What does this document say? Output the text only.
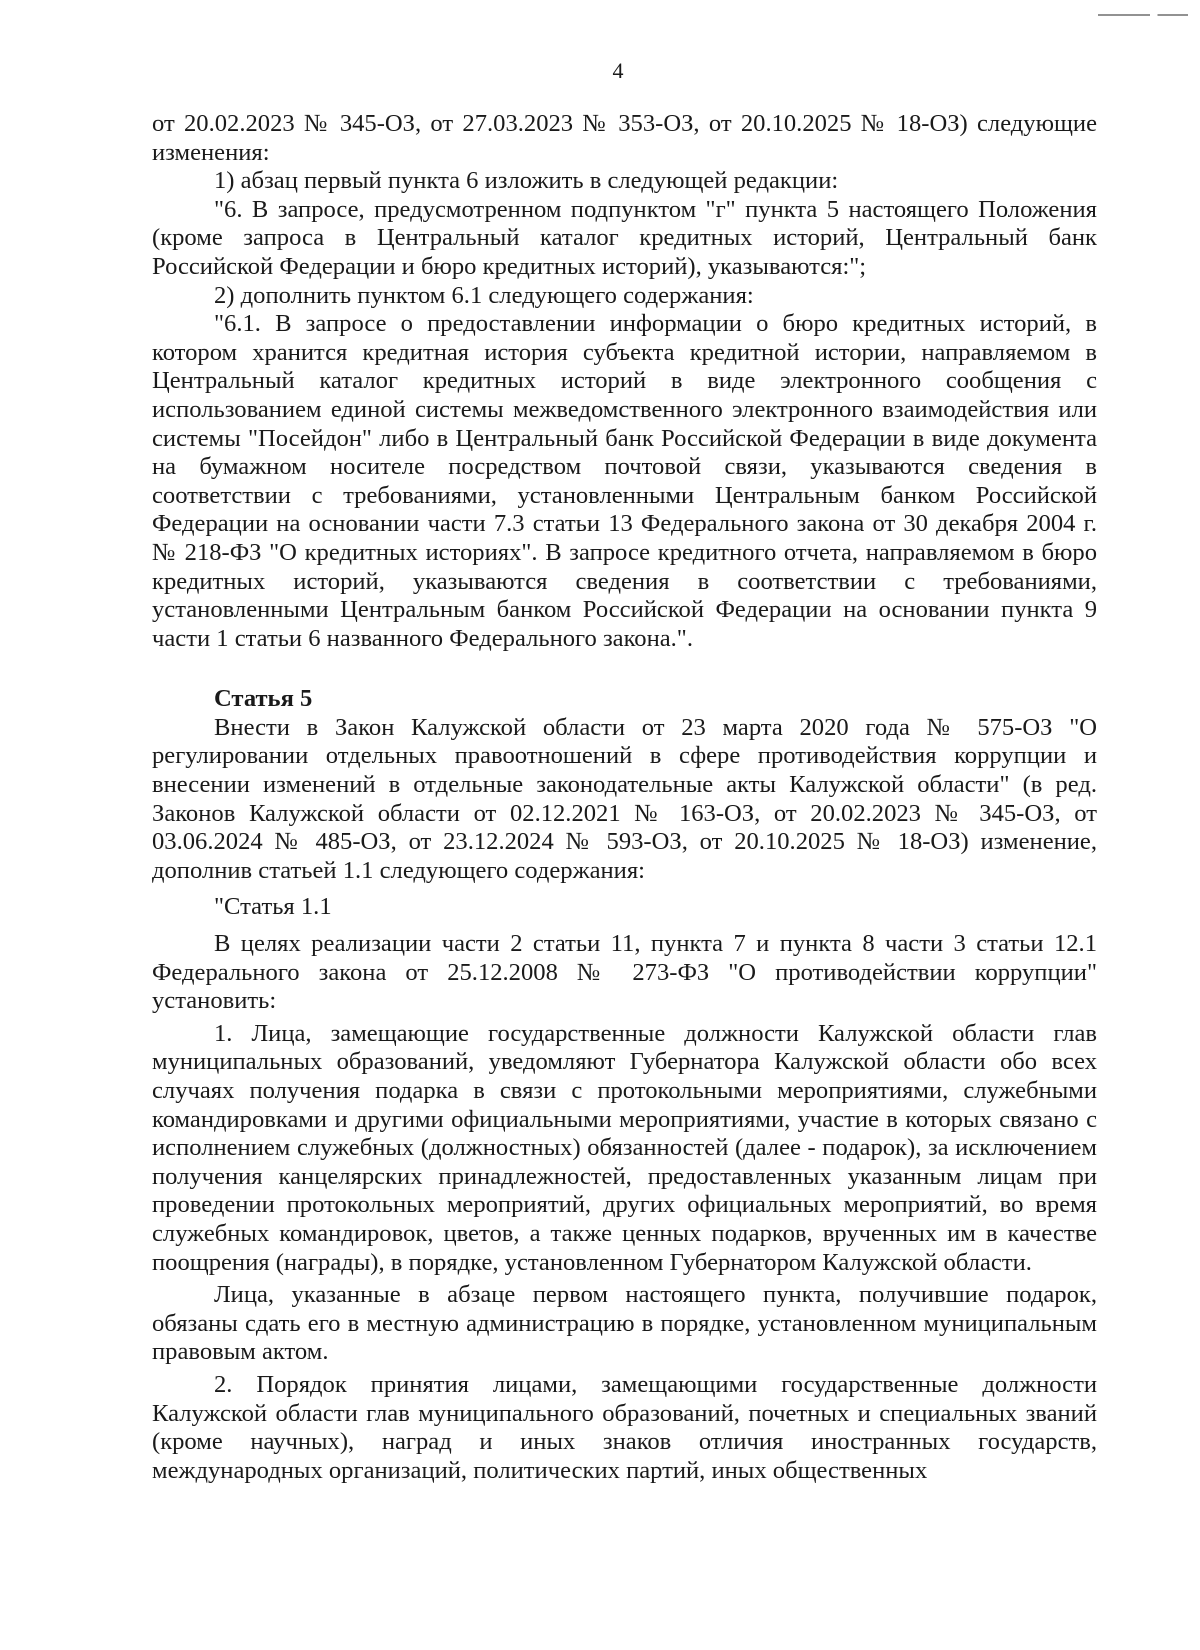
4

от 20.02.2023 № 345-ОЗ, от 27.03.2023 № 353-ОЗ, от 20.10.2025 № 18-ОЗ) следующие изменения:

1) абзац первый пункта 6 изложить в следующей редакции:

"6. В запросе, предусмотренном подпунктом "г" пункта 5 настоящего Положения (кроме запроса в Центральный каталог кредитных историй, Центральный банк Российской Федерации и бюро кредитных историй), указываются:";

2) дополнить пунктом 6.1 следующего содержания:

"6.1. В запросе о предоставлении информации о бюро кредитных историй, в котором хранится кредитная история субъекта кредитной истории, направляемом в Центральный каталог кредитных историй в виде электронного сообщения с использованием единой системы межведомственного электронного взаимодействия или системы "Посейдон" либо в Центральный банк Российской Федерации в виде документа на бумажном носителе посредством почтовой связи, указываются сведения в соответствии с требованиями, установленными Центральным банком Российской Федерации на основании части 7.3 статьи 13 Федерального закона от 30 декабря 2004 г. № 218-ФЗ "О кредитных историях". В запросе кредитного отчета, направляемом в бюро кредитных историй, указываются сведения в соответствии с требованиями, установленными Центральным банком Российской Федерации на основании пункта 9 части 1 статьи 6 названного Федерального закона.".

Статья 5

Внести в Закон Калужской области от 23 марта 2020 года № 575-ОЗ "О регулировании отдельных правоотношений в сфере противодействия коррупции и внесении изменений в отдельные законодательные акты Калужской области" (в ред. Законов Калужской области от 02.12.2021 № 163-ОЗ, от 20.02.2023 № 345-ОЗ, от 03.06.2024 № 485-ОЗ, от 23.12.2024 № 593-ОЗ, от 20.10.2025 № 18-ОЗ) изменение, дополнив статьей 1.1 следующего содержания:

"Статья 1.1

В целях реализации части 2 статьи 11, пункта 7 и пункта 8 части 3 статьи 12.1 Федерального закона от 25.12.2008 № 273-ФЗ "О противодействии коррупции" установить:

1. Лица, замещающие государственные должности Калужской области глав муниципальных образований, уведомляют Губернатора Калужской области обо всех случаях получения подарка в связи с протокольными мероприятиями, служебными командировками и другими официальными мероприятиями, участие в которых связано с исполнением служебных (должностных) обязанностей (далее - подарок), за исключением получения канцелярских принадлежностей, предоставленных указанным лицам при проведении протокольных мероприятий, других официальных мероприятий, во время служебных командировок, цветов, а также ценных подарков, врученных им в качестве поощрения (награды), в порядке, установленном Губернатором Калужской области.

Лица, указанные в абзаце первом настоящего пункта, получившие подарок, обязаны сдать его в местную администрацию в порядке, установленном муниципальным правовым актом.

2. Порядок принятия лицами, замещающими государственные должности Калужской области глав муниципального образований, почетных и специальных званий (кроме научных), наград и иных знаков отличия иностранных государств, международных организаций, политических партий, иных общественных
